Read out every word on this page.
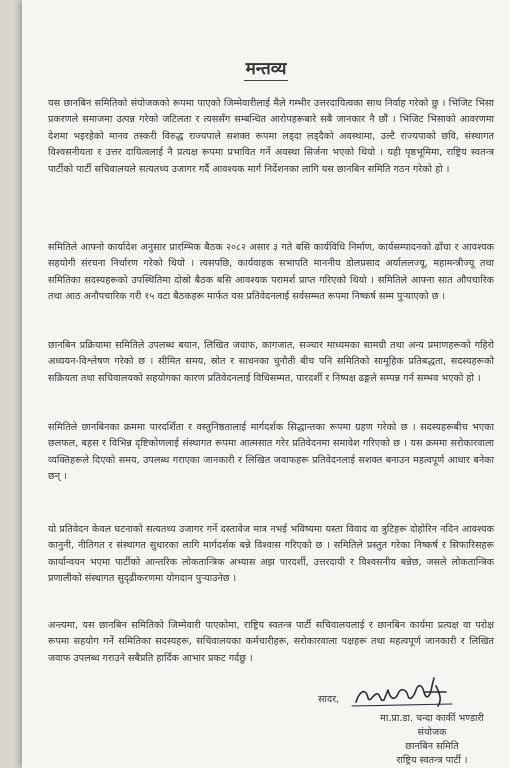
मन्तव्य

यस छानबिन समितिको संयोजकको रूपमा पाएको जिम्मेवारीलाई मैले गम्भीर उत्तरदायित्वका साथ निर्वाह गरेको छु । भिजिट भिसा प्रकरणले समाजमा उत्पन्न गरेको जटिलता र त्यससँग सम्बन्धित आरोपहरूबारे सबै जानकार नै छौं । भिजिट भिसाको आवरणमा देशमा भइरहेको मानव तस्करी विरुद्ध राज्यपाले सशक्त रूपमा लड्दा लड्दैको अवस्थामा, उल्टै राज्यपाको छवि, संस्थागत विश्वसनीयता र उत्तर दायित्वलाई नै प्रत्यक्ष रूपमा प्रभावित गर्ने अवस्था सिर्जना भएको थियो । यही पृष्ठभूमिमा, राष्ट्रिय स्वतन्त्र पार्टीको पार्टी सचिवालयले सत्यतथ्य उजागर गर्दै आवश्यक मार्ग निर्देशनका लागि यस छानबिन समिति गठन गरेको हो ।

समितिले आफ्नो कार्यादेश अनुसार प्रारम्भिक बैठक २०८२ असार ३ गते बसि कार्यविधि निर्माण, कार्यसम्पादनको ढाँचा र आवश्यक सहयोगी संरचना निर्धारण गरेको थियो । त्यसपछि, कार्यवाहक सभापति माननीय डोलप्रसाद अर्याललज्यू, महामन्त्रीज्यू तथा समितिका सदस्यहरूको उपस्थितिमा दोस्रो बैठक बसि आवश्यक परामर्श प्राप्त गरिएको थियो । समितिले आफ्ना सात औपचारिक तथा आठ अनौपचारिक गरी १५ वटा बैठकहरू मार्फत यस प्रतिवेदनलाई सर्वसम्मत रूपमा निष्कर्ष सम्म पुऱ्याएको छ ।

छानबिन प्रक्रियामा समितिले उपलब्ध बयान, लिखित जवाफ, कागजात, सञ्चार माध्यमका सामग्री तथा अन्य प्रमाणहरूको गहिरो अध्ययन-विश्लेषण गरेको छ । सीमित समय, स्रोत र साधनका चुनौती बीच पनि समितिको सामूहिक प्रतिबद्धता, सदस्यहरूको सक्रियता तथा सचिवालयको सहयोगका कारण प्रतिवेदनलाई विधिसम्मत, पारदर्शी र निष्पक्ष ढङ्गले सम्पन्न गर्न सम्भव भएको हो ।

समितिले छानबिनका क्रममा पारदर्शिता र वस्तुनिष्ठतालाई मार्गदर्शक सिद्धान्तका रूपमा ग्रहण गरेको छ । सदस्यहरूबीच भएका छलफल, बहस र विभिन्न दृष्टिकोणलाई संस्थागत रूपमा आत्मसात गरेर प्रतिवेदनमा समावेश गरिएको छ । यस क्रममा सरोकारवाला व्यक्तिहरूले दिएको समय, उपलब्ध गराएका जानकारी र लिखित जवाफहरू प्रतिवेदनलाई सशक्त बनाउन महत्वपूर्ण आधार बनेका छन् ।

यो प्रतिवेदन केवल घटनाको सत्यतथ्य उजागर गर्ने दस्तावेज मात्र नभई भविष्यमा यस्ता विवाद वा त्रुटिहरू दोहोरिन नदिन आवश्यक कानुनी, नीतिगत र संस्थागत सुधारका लागि मार्गदर्शक बन्ने विश्वास गरिएको छ । समितिले प्रस्तुत गरेका निष्कर्ष र सिफारिसहरू कार्यान्वयन भएमा पार्टीको आन्तरिक लोकतान्त्रिक अभ्यास अझ पारदर्शी, उत्तरदायी र विश्वसनीय बन्नेछ, जसले लोकतान्त्रिक प्रणालीको संस्थागत सुदृढीकरणमा योगदान पुऱ्याउनेछ ।

अन्त्यमा, यस छानबिन समितिको जिम्मेवारी पाएकोमा, राष्ट्रिय स्वतन्त्र पार्टी सचिवालयलाई र छानबिन कार्यमा प्रत्यक्ष वा परोक्ष रूपमा सहयोग गर्ने समितिका सदस्यहरू, सचिवालयका कर्मचारीहरू, सरोकारवाला पक्षहरू तथा महत्वपूर्ण जानकारी र लिखित जवाफ उपलब्ध गराउने सबैप्रति हार्दिक आभार प्रकट गर्दछु ।

सादर,
मा.प्रा.डा. चन्दा कार्की भण्डारी
संयोजक
छानबिन समिति
राष्ट्रिय स्वतन्त्र पार्टी ।
